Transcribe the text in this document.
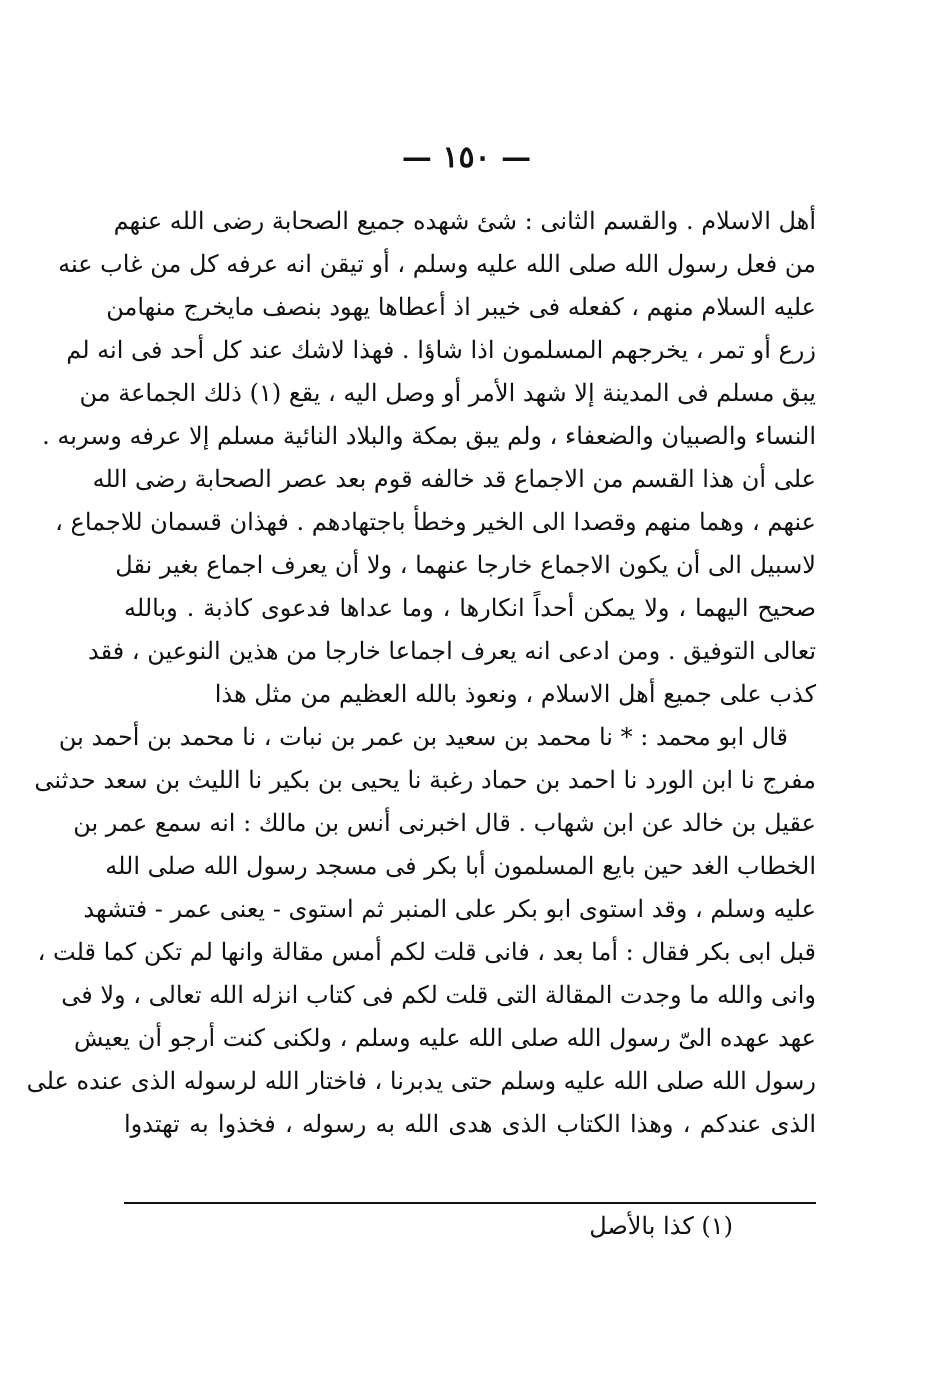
— ١٥٠ —
أهل الاسلام . والقسم الثانى : شئ شهده جميع الصحابة رضى الله عنهم
من فعل رسول الله صلى الله عليه وسلم ، أو تيقن انه عرفه كل من غاب عنه
عليه السلام منهم ، كفعله فى خيبر اذ أعطاها يهود بنصف مايخرج منهامن
زرع أو تمر ، يخرجهم المسلمون اذا شاؤا . فهذا لاشك عند كل أحد فى انه لم
يبق مسلم فى المدينة إلا شهد الأمر أو وصل اليه ، يقع (١) ذلك الجماعة من
النساء والصبيان والضعفاء ، ولم يبق بمكة والبلاد النائية مسلم إلا عرفه وسربه .
على أن هذا القسم من الاجماع قد خالفه قوم بعد عصر الصحابة رضى الله
عنهم ، وهما منهم وقصدا الى الخير وخطأ باجتهادهم . فهذان قسمان للاجماع ،
لاسبيل الى أن يكون الاجماع خارجا عنهما ، ولا أن يعرف اجماع بغير نقل
صحيح اليهما ، ولا يمكن أحداً انكارها ، وما عداها فدعوى كاذبة . وبالله
تعالى التوفيق . ومن ادعى انه يعرف اجماعا خارجا من هذين النوعين ، فقد
كذب على جميع أهل الاسلام ، ونعوذ بالله العظيم من مثل هذا
قال ابو محمد : * نا محمد بن سعيد بن عمر بن نبات ، نا محمد بن أحمد بن
مفرج نا ابن الورد نا احمد بن حماد رغبة نا يحيى بن بكير نا الليث بن سعد حدثنى
عقيل بن خالد عن ابن شهاب . قال اخبرنى أنس بن مالك : انه سمع عمر بن
الخطاب الغد حين بايع المسلمون أبا بكر فى مسجد رسول الله صلى الله
عليه وسلم ، وقد استوى ابو بكر على المنبر ثم استوى - يعنى عمر - فتشهد
قبل ابى بكر فقال : أما بعد ، فانى قلت لكم أمس مقالة وانها لم تكن كما قلت ،
وانى والله ما وجدت المقالة التى قلت لكم فى كتاب انزله الله تعالى ، ولا فى
عهد عهده الىّ رسول الله صلى الله عليه وسلم ، ولكنى كنت أرجو أن يعيش
رسول الله صلى الله عليه وسلم حتى يدبرنا ، فاختار الله لرسوله الذى عنده على
الذى عندكم ، وهذا الكتاب الذى هدى الله به رسوله ، فخذوا به تهتدوا
(١) كذا بالأصل
